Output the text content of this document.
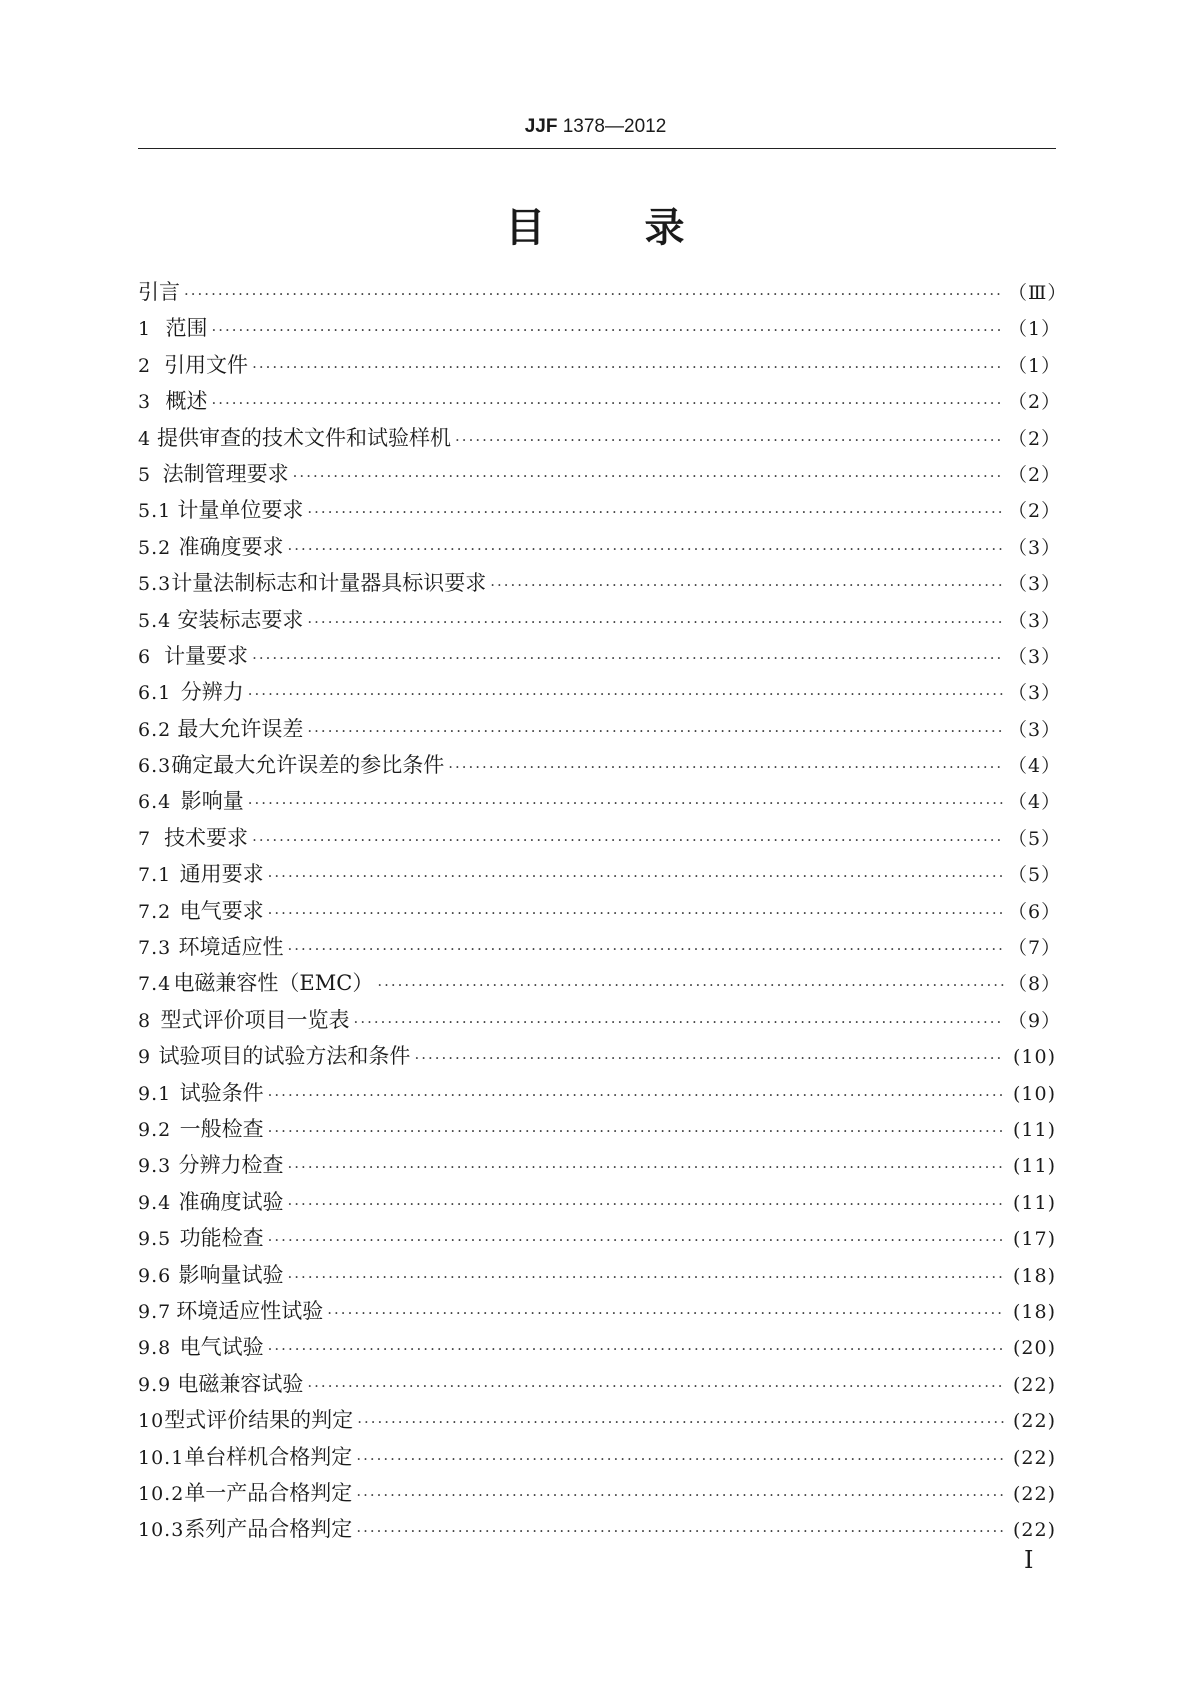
JJF 1378—2012
目 录
引言 ·····	（Ⅲ）
1 范围 ·····	（1）
2 引用文件 ·····	（1）
3 概述 ·····	（2）
4 提供审查的技术文件和试验样机 ·····	（2）
5 法制管理要求 ·····	（2）
5.1 计量单位要求 ·····	（2）
5.2 准确度要求 ·····	（3）
5.3 计量法制标志和计量器具标识要求 ·····	（3）
5.4 安装标志要求 ·····	（3）
6 计量要求 ·····	（3）
6.1 分辨力 ·····	（3）
6.2 最大允许误差 ·····	（3）
6.3 确定最大允许误差的参比条件 ·····	（4）
6.4 影响量 ·····	（4）
7 技术要求 ·····	（5）
7.1 通用要求 ·····	（5）
7.2 电气要求 ·····	（6）
7.3 环境适应性 ·····	（7）
7.4 电磁兼容性（EMC） ·····	（8）
8 型式评价项目一览表 ·····	（9）
9 试验项目的试验方法和条件 ·····	(10)
9.1 试验条件 ·····	(10)
9.2 一般检查 ·····	(11)
9.3 分辨力检查 ·····	(11)
9.4 准确度试验 ·····	(11)
9.5 功能检查 ·····	(17)
9.6 影响量试验 ·····	(18)
9.7 环境适应性试验 ·····	(18)
9.8 电气试验 ·····	(20)
9.9 电磁兼容试验 ·····	(22)
10 型式评价结果的判定 ·····	(22)
10.1 单台样机合格判定 ·····	(22)
10.2 单一产品合格判定 ·····	(22)
10.3 系列产品合格判定 ·····	(22)
I
